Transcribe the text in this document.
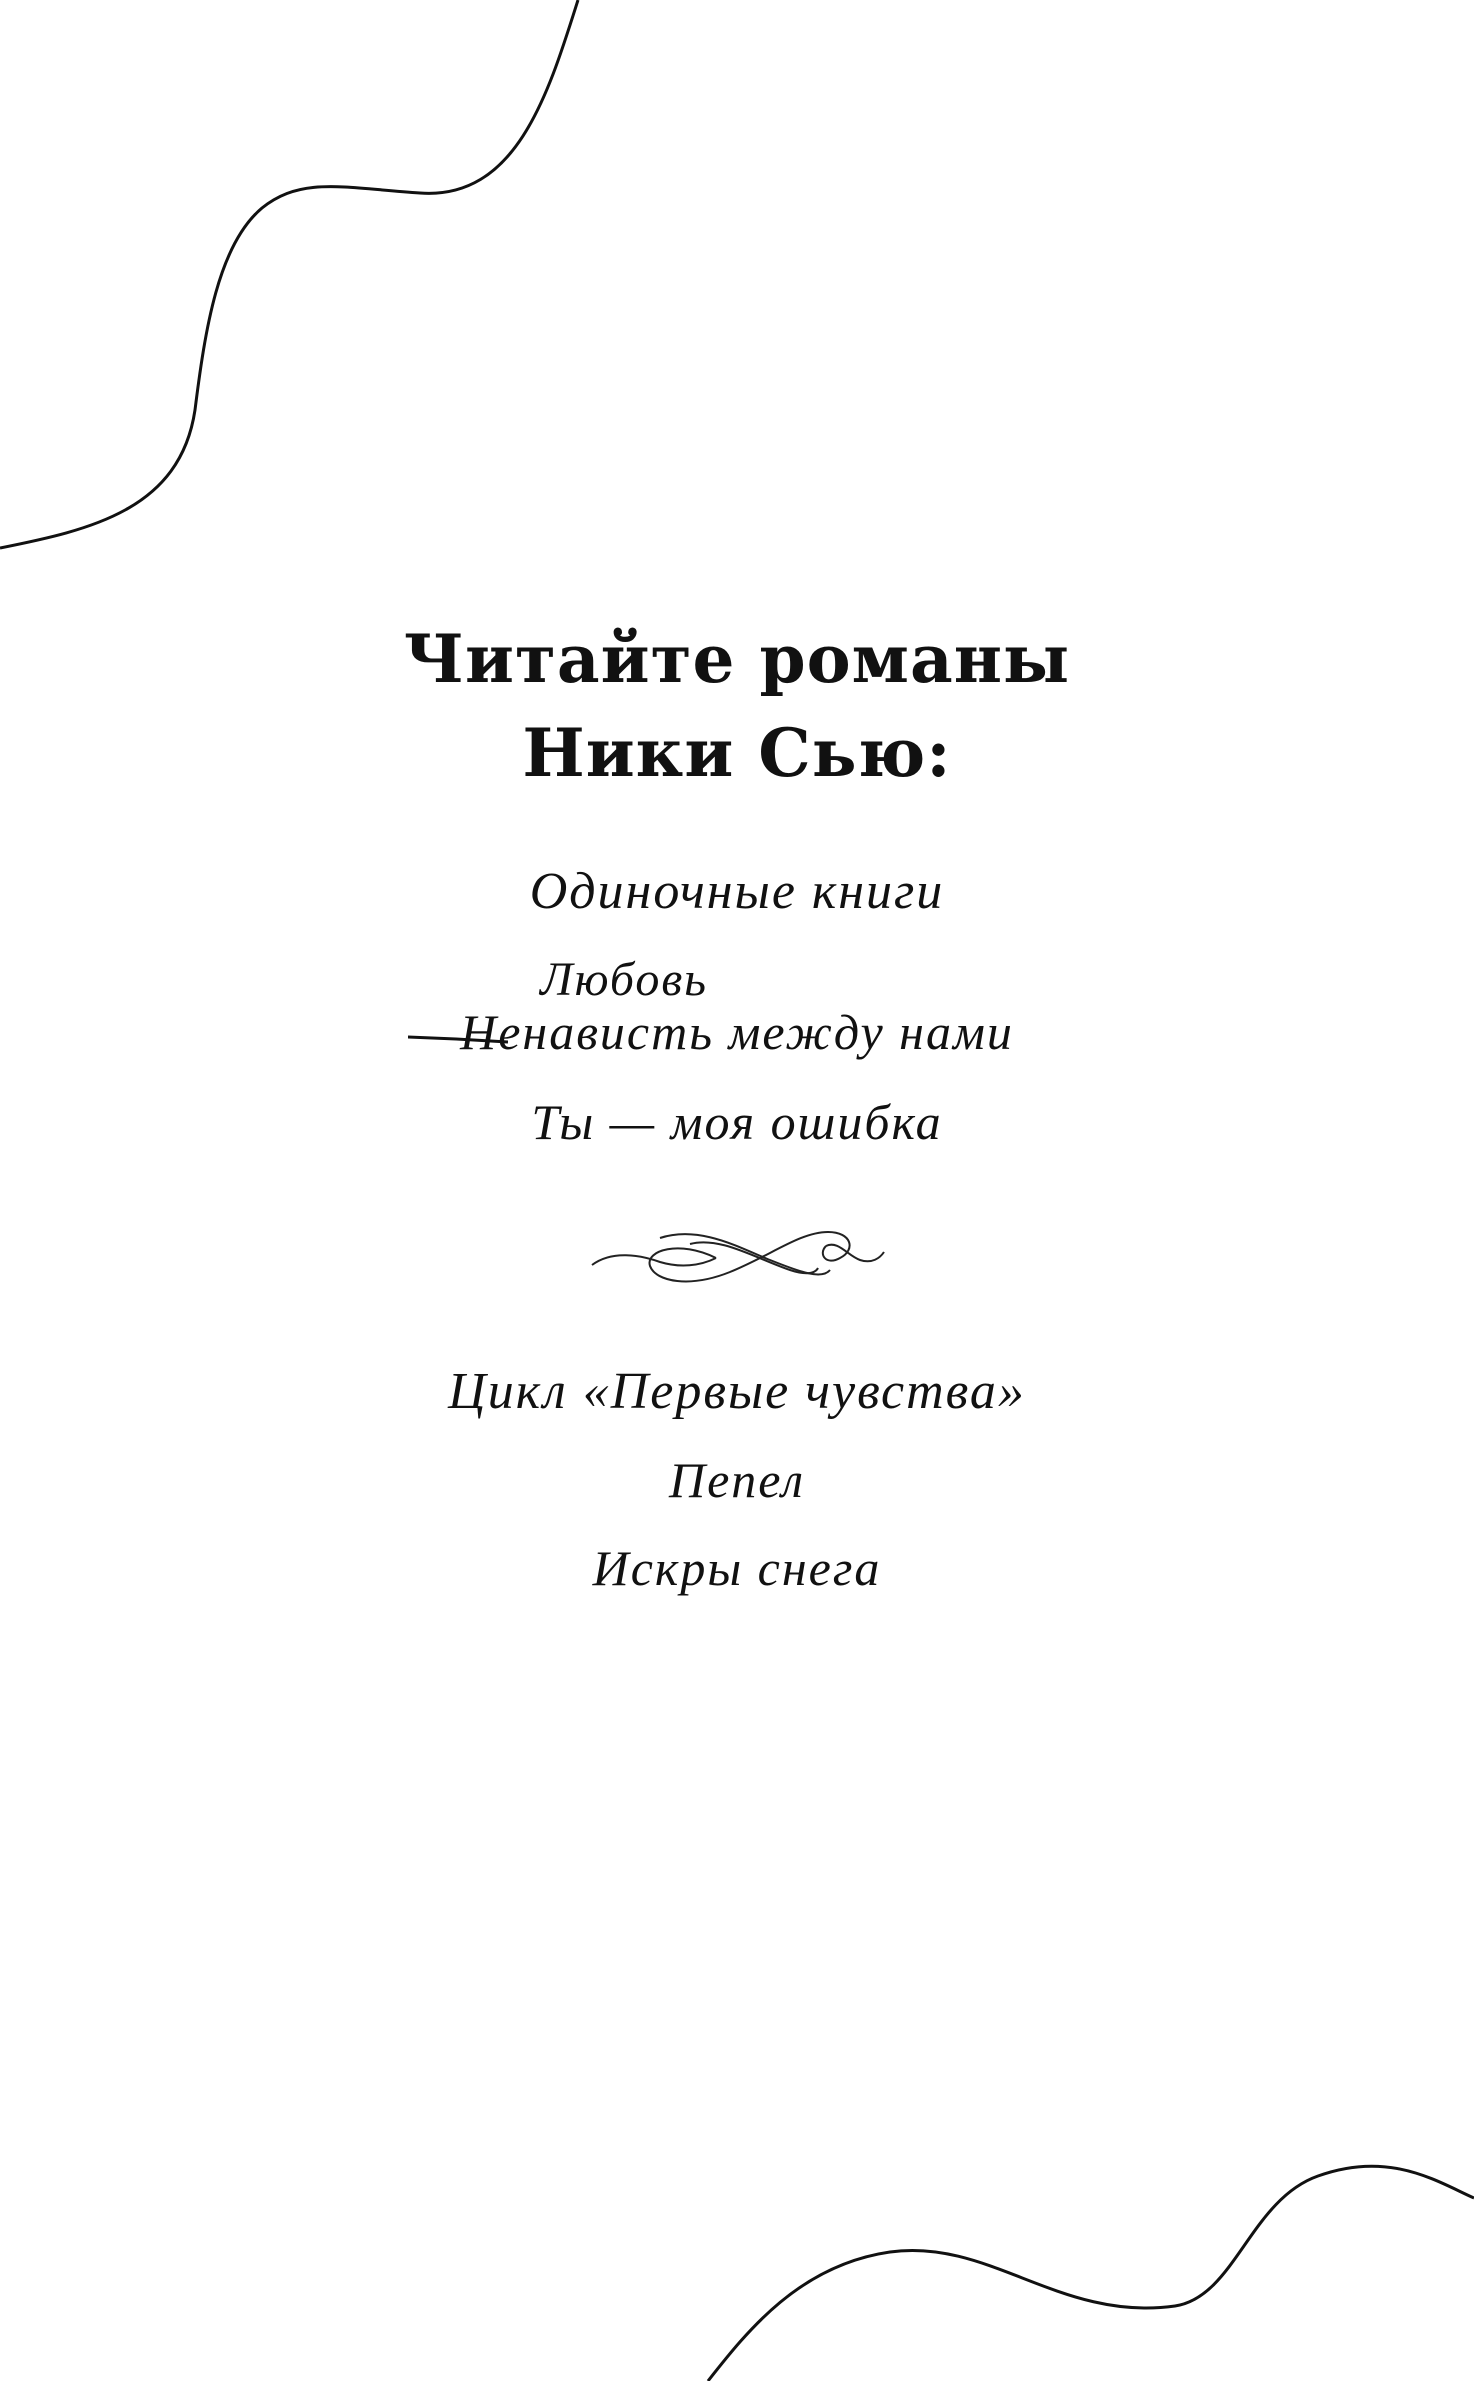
Читайте романы
Ники Сью:
Одиночные книги
Любовь
Ненависть
между нами
Ты — моя ошибка
Цикл «Первые чувства»
Пепел
Искры снега
